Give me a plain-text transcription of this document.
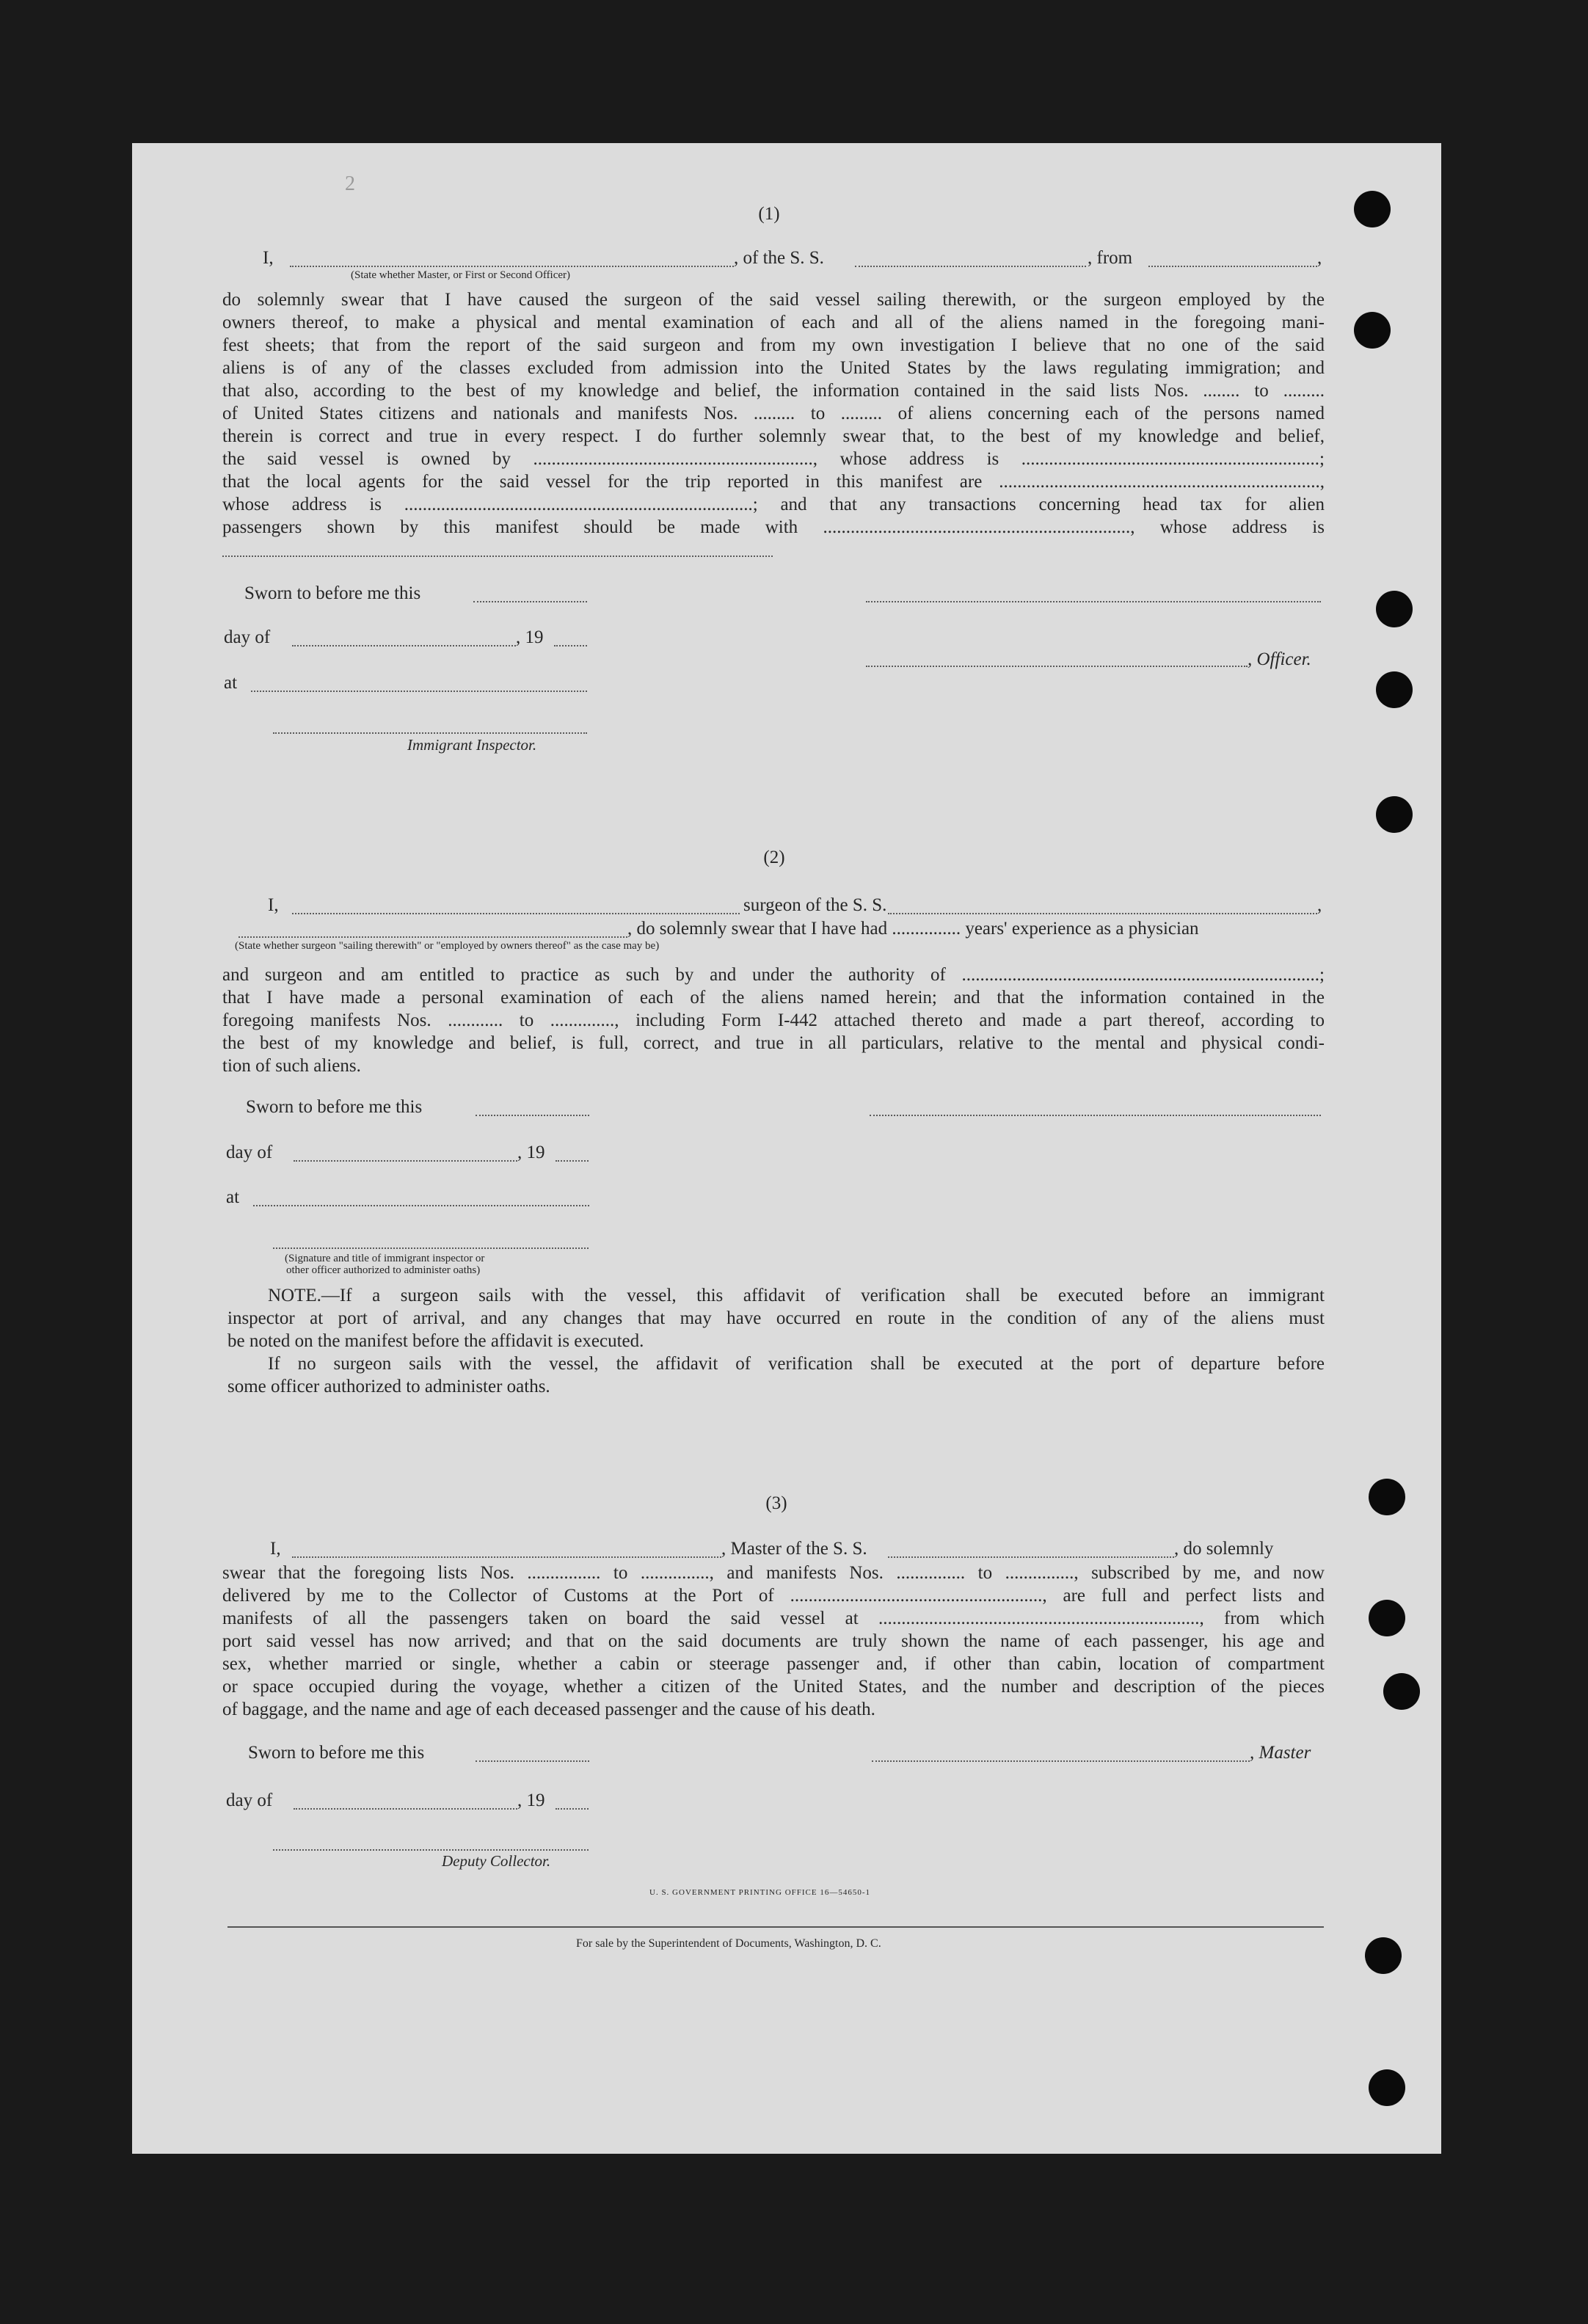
2
(1)
I,	, of the S. S.	, from	,
(State whether Master, or First or Second Officer)
do solemnly swear that I have caused the surgeon of the said vessel sailing therewith, or the surgeon employed by the
owners thereof, to make a physical and mental examination of each and all of the aliens named in the foregoing mani-
fest sheets; that from the report of the said surgeon and from my own investigation I believe that no one of the said
aliens is of any of the classes excluded from admission into the United States by the laws regulating immigration; and
that also, according to the best of my knowledge and belief, the information contained in the said lists Nos. ........ to .........
of United States citizens and nationals and manifests Nos. ......... to ......... of aliens concerning each of the persons named
therein is correct and true in every respect. I do further solemnly swear that, to the best of my knowledge and belief,
the said vessel is owned by ............................................................., whose address is .................................................................;
that the local agents for the said vessel for the trip reported in this manifest are ......................................................................,
whose address is ............................................................................; and that any transactions concerning head tax for alien
passengers shown by this manifest should be made with ..................................................................., whose address is
Sworn to before me this
day of	, 19
, Officer.
at
Immigrant Inspector.
(2)
I,	surgeon of the S. S.	,
, do solemnly swear that I have had ............... years' experience as a physician
(State whether surgeon "sailing therewith" or "employed by owners thereof" as the case may be)
and surgeon and am entitled to practice as such by and under the authority of ..............................................................................;
that I have made a personal examination of each of the aliens named herein; and that the information contained in the
foregoing manifests Nos. ............ to .............., including Form I-442 attached thereto and made a part thereof, according to
the best of my knowledge and belief, is full, correct, and true in all particulars, relative to the mental and physical condi-
tion of such aliens.
Sworn to before me this
day of	, 19
at
(Signature and title of immigrant inspector or
other officer authorized to administer oaths)
NOTE.—If a surgeon sails with the vessel, this affidavit of verification shall be executed before an immigrant
inspector at port of arrival, and any changes that may have occurred en route in the condition of any of the aliens must
be noted on the manifest before the affidavit is executed.
If no surgeon sails with the vessel, the affidavit of verification shall be executed at the port of departure before
some officer authorized to administer oaths.
(3)
I,	, Master of the S. S.	, do solemnly
swear that the foregoing lists Nos. ................ to ..............., and manifests Nos. ............... to ..............., subscribed by me, and now
delivered by me to the Collector of Customs at the Port of ......................................................., are full and perfect lists and
manifests of all the passengers taken on board the said vessel at ......................................................................, from which
port said vessel has now arrived; and that on the said documents are truly shown the name of each passenger, his age and
sex, whether married or single, whether a cabin or steerage passenger and, if other than cabin, location of compartment
or space occupied during the voyage, whether a citizen of the United States, and the number and description of the pieces
of baggage, and the name and age of each deceased passenger and the cause of his death.
Sworn to before me this	, Master
day of	, 19
Deputy Collector.
U. S. GOVERNMENT PRINTING OFFICE 16—54650-1
For sale by the Superintendent of Documents, Washington, D. C.
